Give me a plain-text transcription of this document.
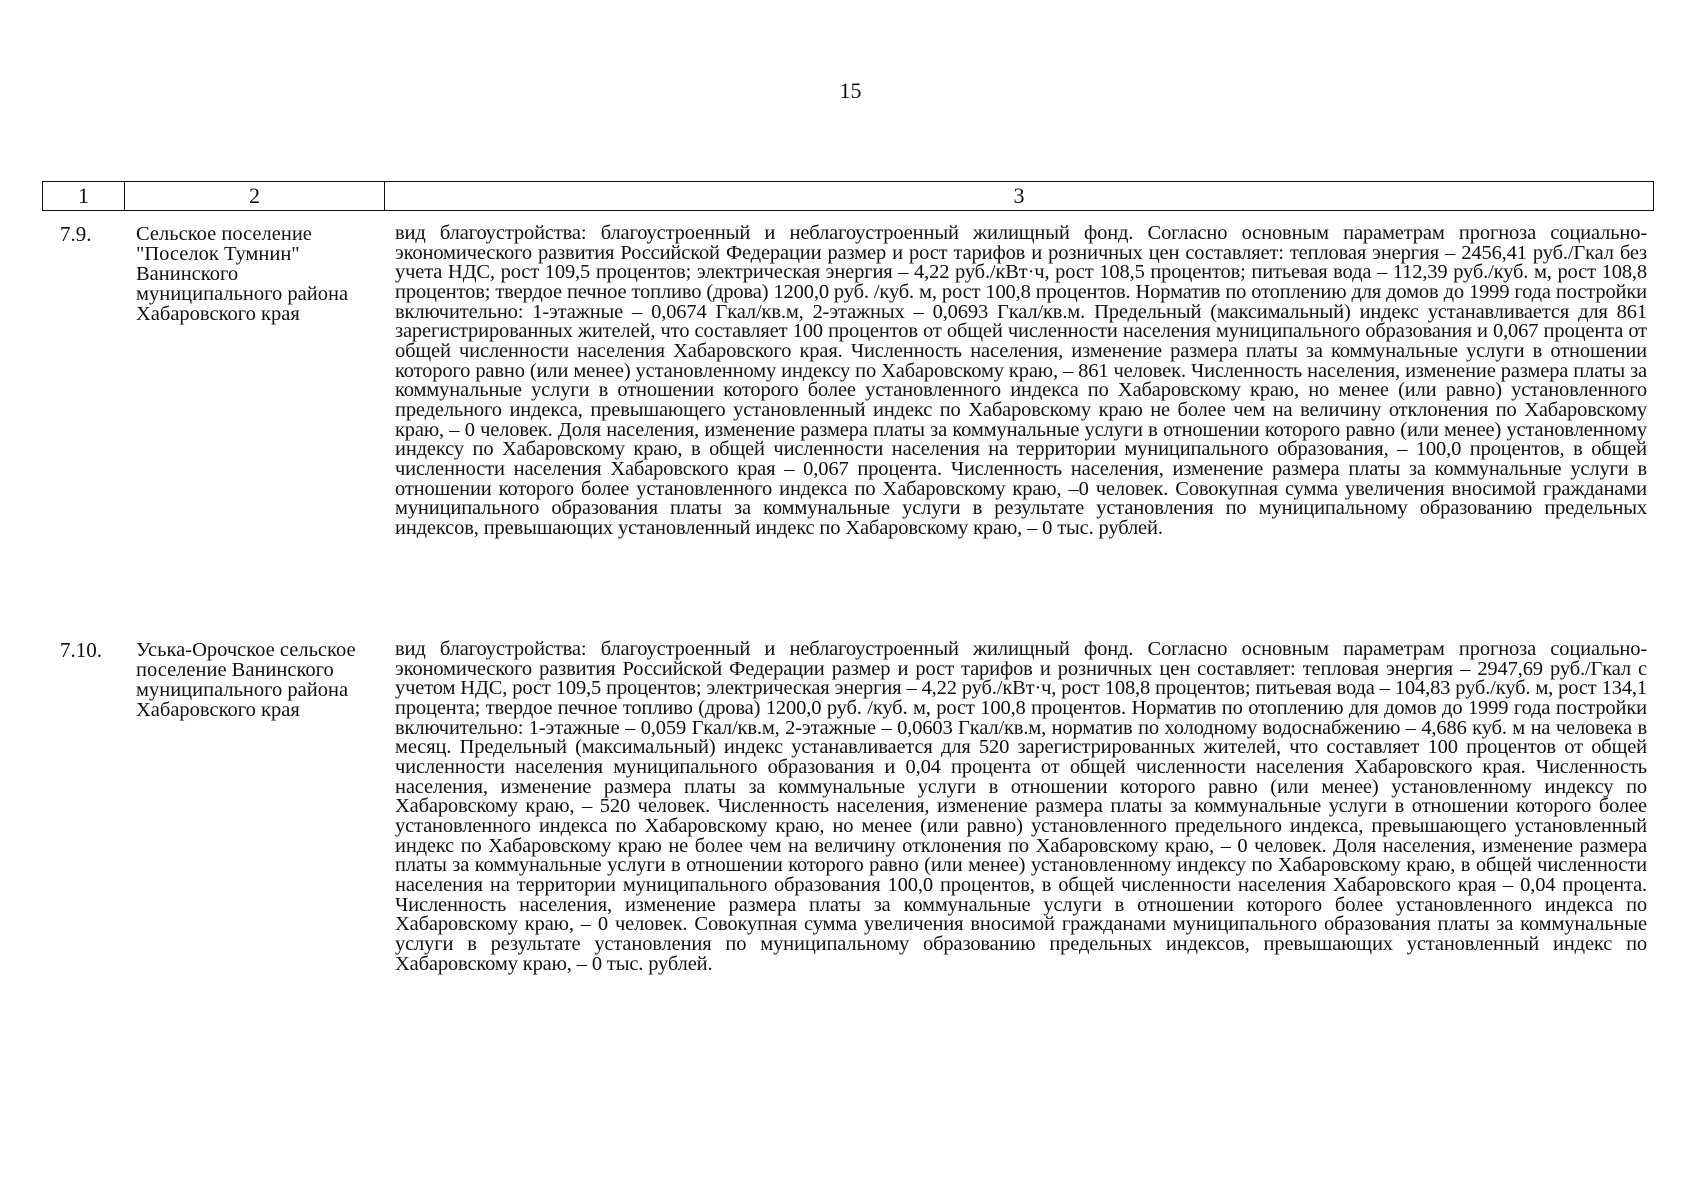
15
1	2	3
7.9. Сельское поселение "Поселок Тумнин" Ванинского муниципального района Хабаровского края
вид благоустройства: благоустроенный и неблагоустроенный жилищный фонд. Согласно основным параметрам прогноза социально-экономического развития Российской Федерации размер и рост тарифов и розничных цен составляет: тепловая энергия – 2456,41 руб./Гкал без учета НДС, рост 109,5 процентов; электрическая энергия – 4,22 руб./кВт·ч, рост 108,5 процентов; питьевая вода – 112,39 руб./куб. м, рост 108,8 процентов; твердое печное топливо (дрова) 1200,0 руб. /куб. м, рост 100,8 процентов. Норматив по отоплению для домов до 1999 года постройки включительно: 1-этажные – 0,0674 Гкал/кв.м, 2-этажных – 0,0693 Гкал/кв.м. Предельный (максимальный) индекс устанавливается для 861 зарегистрированных жителей, что составляет 100 процентов от общей численности населения муниципального образования и 0,067 процента от общей численности населения Хабаровского края. Численность населения, изменение размера платы за коммунальные услуги в отношении которого равно (или менее) установленному индексу по Хабаровскому краю, – 861 человек. Численность населения, изменение размера платы за коммунальные услуги в отношении которого более установленного индекса по Хабаровскому краю, но менее (или равно) установленного предельного индекса, превышающего установленный индекс по Хабаровскому краю не более чем на величину отклонения по Хабаровскому краю, – 0 человек. Доля населения, изменение размера платы за коммунальные услуги в отношении которого равно (или менее) установленному индексу по Хабаровскому краю, в общей численности населения на территории муниципального образования, – 100,0 процентов, в общей численности населения Хабаровского края – 0,067 процента. Численность населения, изменение размера платы за коммунальные услуги в отношении которого более установленного индекса по Хабаровскому краю, –0 человек. Совокупная сумма увеличения вносимой гражданами муниципального образования платы за коммунальные услуги в результате установления по муниципальному образованию предельных индексов, превышающих установленный индекс по Хабаровскому краю, – 0 тыс. рублей.
7.10. Уська-Орочское сельское поселение Ванинского муниципального района Хабаровского края
вид благоустройства: благоустроенный и неблагоустроенный жилищный фонд. Согласно основным параметрам прогноза социально-экономического развития Российской Федерации размер и рост тарифов и розничных цен составляет: тепловая энергия – 2947,69 руб./Гкал с учетом НДС, рост 109,5 процентов; электрическая энергия – 4,22 руб./кВт·ч, рост 108,8 процентов; питьевая вода – 104,83 руб./куб. м, рост 134,1 процента; твердое печное топливо (дрова) 1200,0 руб. /куб. м, рост 100,8 процентов. Норматив по отоплению для домов до 1999 года постройки включительно: 1-этажные – 0,059 Гкал/кв.м, 2-этажные – 0,0603 Гкал/кв.м, норматив по холодному водоснабжению – 4,686 куб. м на человека в месяц. Предельный (максимальный) индекс устанавливается для 520 зарегистрированных жителей, что составляет 100 процентов от общей численности населения муниципального образования и 0,04 процента от общей численности населения Хабаровского края. Численность населения, изменение размера платы за коммунальные услуги в отношении которого равно (или менее) установленному индексу по Хабаровскому краю, – 520 человек. Численность населения, изменение размера платы за коммунальные услуги в отношении которого более установленного индекса по Хабаровскому краю, но менее (или равно) установленного предельного индекса, превышающего установленный индекс по Хабаровскому краю не более чем на величину отклонения по Хабаровскому краю, – 0 человек. Доля населения, изменение размера платы за коммунальные услуги в отношении которого равно (или менее) установленному индексу по Хабаровскому краю, в общей численности населения на территории муниципального образования 100,0 процентов, в общей численности населения Хабаровского края – 0,04 процента. Численность населения, изменение размера платы за коммунальные услуги в отношении которого более установленного индекса по Хабаровскому краю, – 0 человек. Совокупная сумма увеличения вносимой гражданами муниципального образования платы за коммунальные услуги в результате установления по муниципальному образованию предельных индексов, превышающих установленный индекс по Хабаровскому краю, – 0 тыс. рублей.
